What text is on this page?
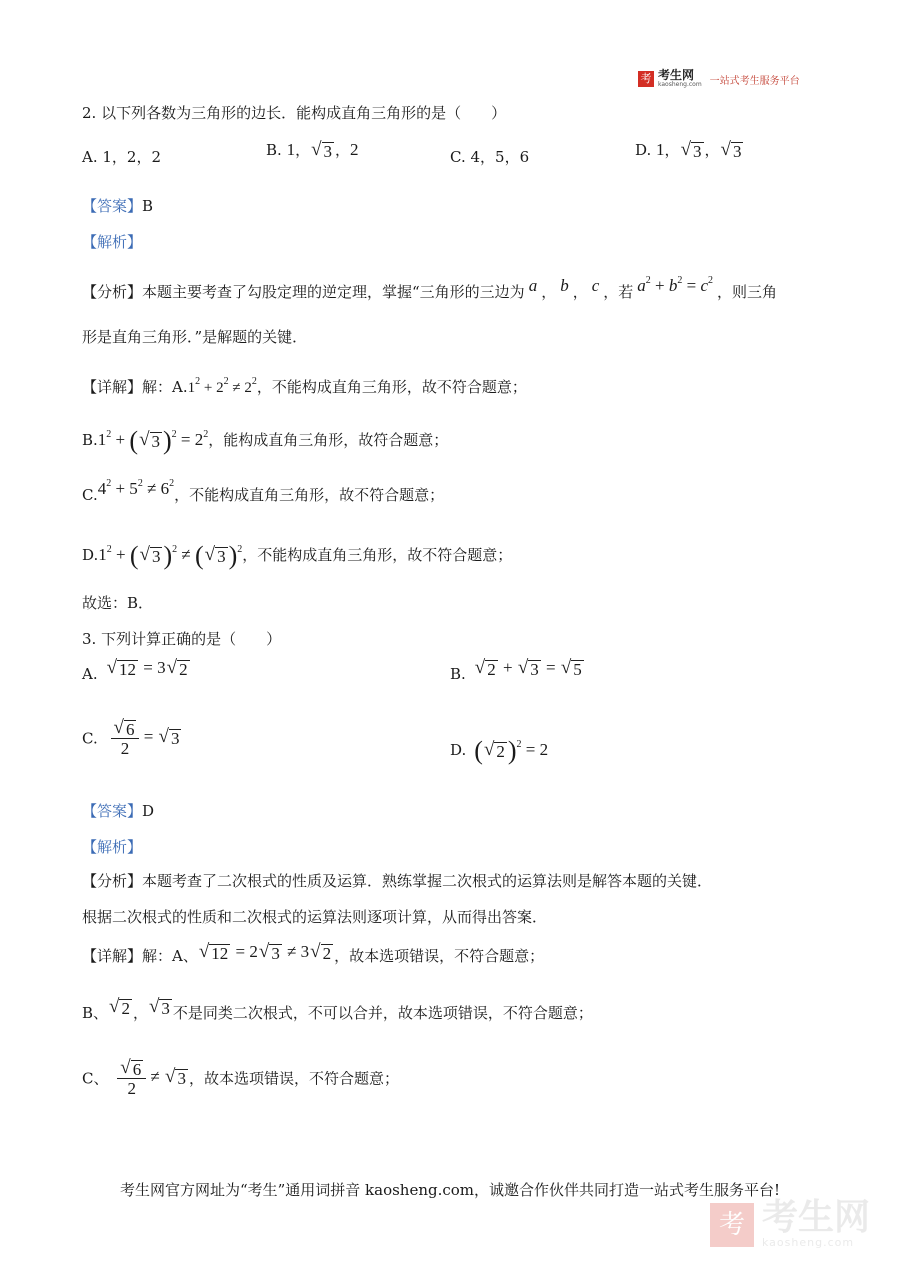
考 考生网
kaosheng.com 一站式考生服务平台
2. 以下列各数为三角形的边长．能构成直角三角形的是（　　）
A. 1，2，2	B. 1， √ 3 ，2	C. 4，5，6	D. 1， √ 3 ， √ 3
【答案】B
【解析】
【分析】本题主要考查了勾股定理的逆定理，掌握“三角形的三边为 a ， b ， c ，若 $a^2 + b^2 = c^2$，则三角
形是直角三角形．”是解题的关键．
【详解】解：$A.1^2 + 2^2 \ne 2^2$，不能构成直角三角形，故不符合题意；
$B.1^2$ + ( √ 3 )$^2 = 2^2$，能构成直角三角形，故符合题意；
$C.4^2 + 5^2 \ne 6^2$，不能构成直角三角形，故不符合题意；
$D.1^2$ + ( √ 3 )$^2$ ≠ ( √ 3 )$^2$，不能构成直角三角形，故不符合题意；
故选：B．
3. 下列计算正确的是（　　）
A. √ 12 = 3 √ 2	B. √ 2 + √ 3 = √ 5
C. $\frac{√ 6}{2}$ = √ 3
D. ( √ 2 )$^2$ = 2
【答案】D
【解析】
【分析】本题考查了二次根式的性质及运算．熟练掌握二次根式的运算法则是解答本题的关键．
根据二次根式的性质和二次根式的运算法则逐项计算，从而得出答案．
【详解】解：A、 √ 12 = 2 √ 3 ≠ 3 √ 2 ，故本选项错误，不符合题意；
B、 √ 2 ， √ 3 不是同类二次根式，不可以合并，故本选项错误，不符合题意；
C、 $\frac{√ 6}{2}$ ≠ √ 3 ，故本选项错误，不符合题意；
考生网官方网址为“考生”通用词拼音 kaosheng.com，诚邀合作伙伴共同打造一站式考生服务平台!
考 考生网
kaosheng.com
